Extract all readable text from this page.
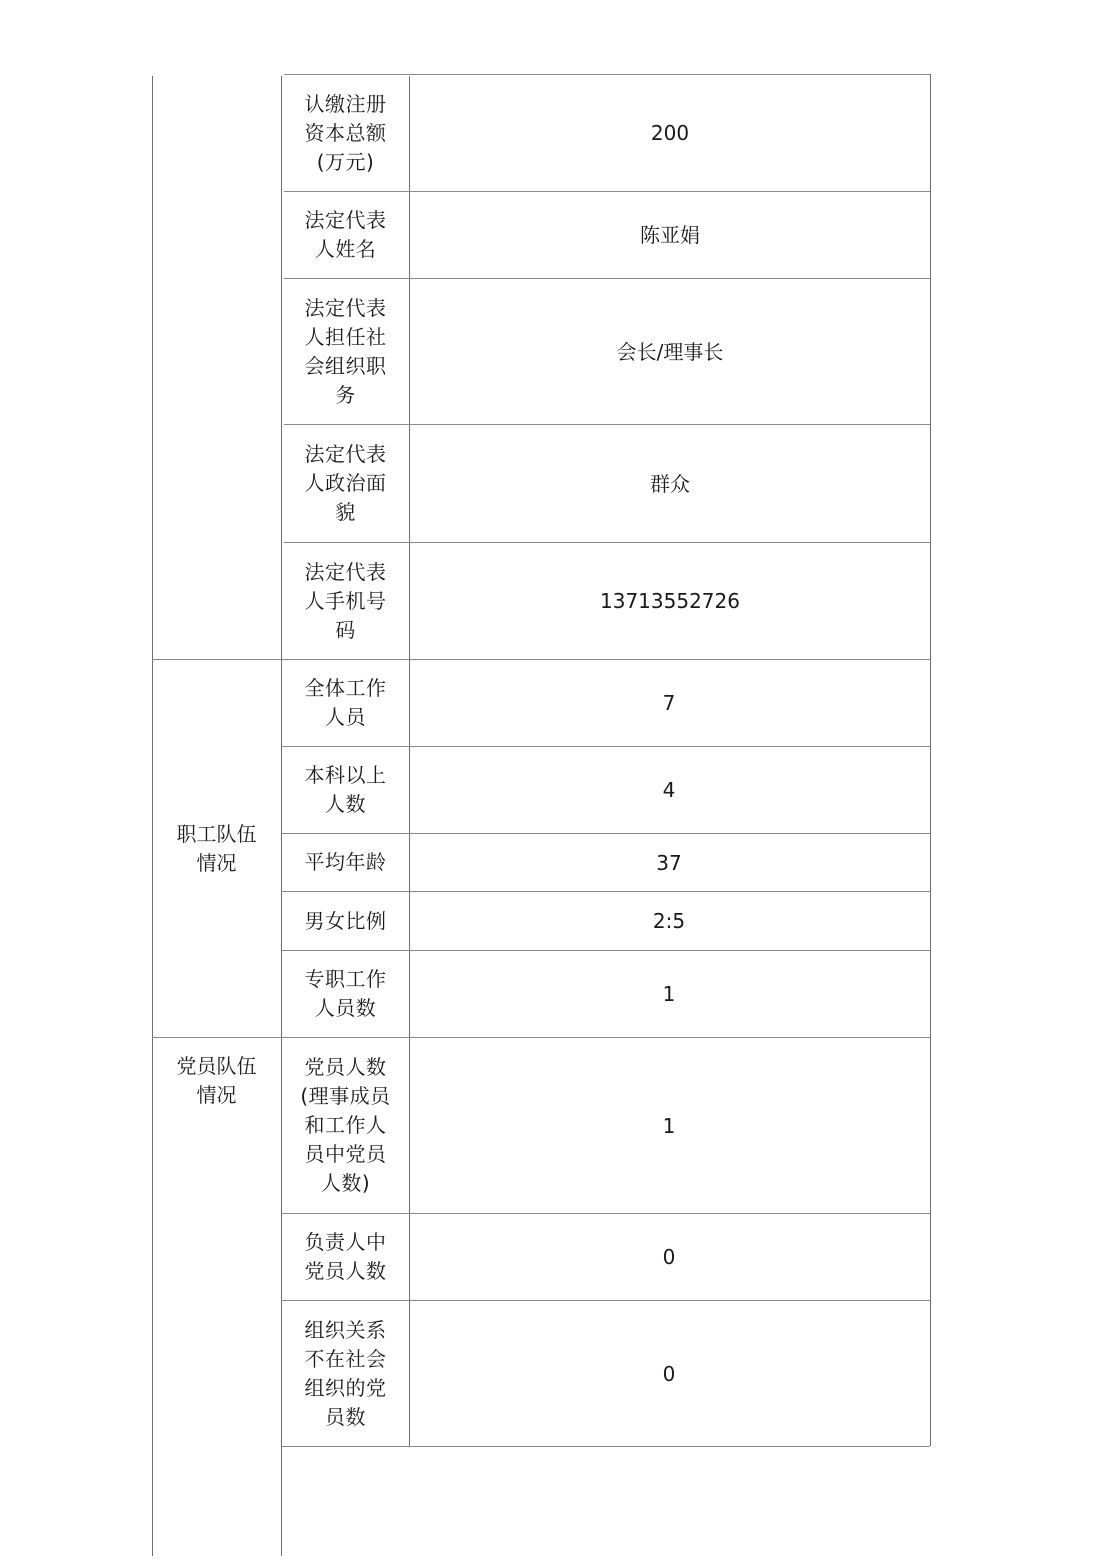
职工队伍
情况
党员队伍
情况
认缴注册
资本总额
(万元)
200
法定代表
人姓名
陈亚娟
法定代表
人担任社
会组织职
务
会长/理事长
法定代表
人政治面
貌
群众
法定代表
人手机号
码
13713552726
全体工作
人员
7
本科以上
人数
4
平均年龄	37
男女比例	2:5
专职工作
人员数
1
党员人数
(理事成员
和工作人
员中党员
人数)
1
负责人中
党员人数
0
组织关系
不在社会
组织的党
员数
0
